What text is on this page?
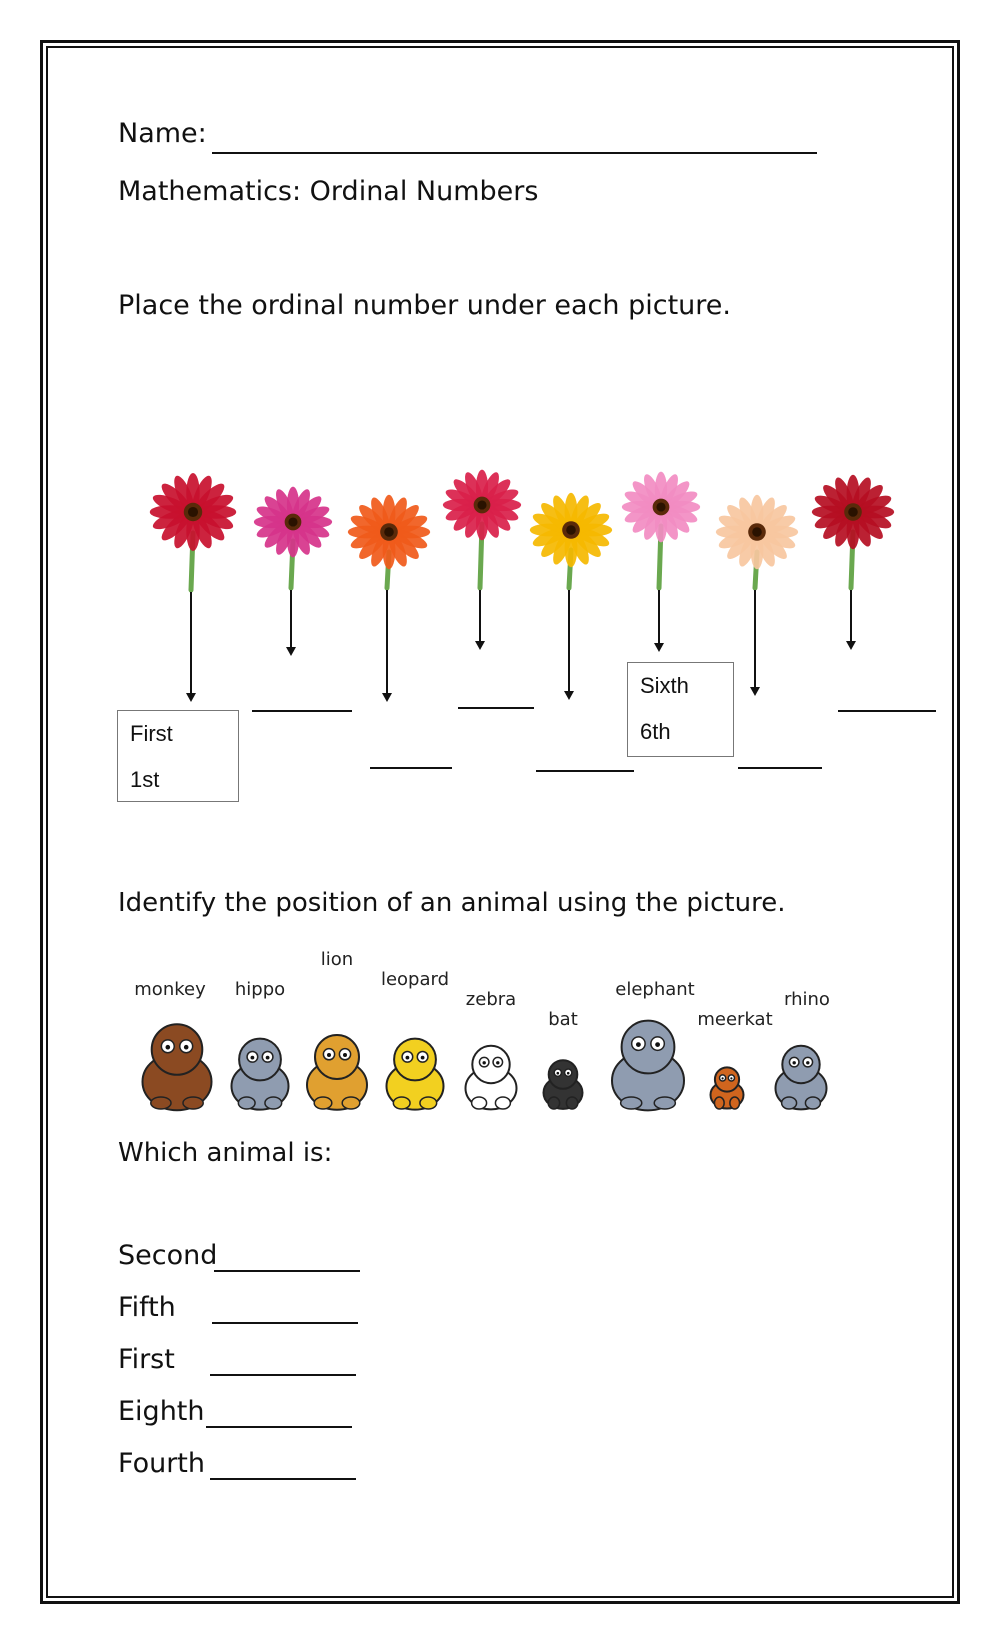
Name:
Mathematics: Ordinal Numbers
Place the ordinal number under each picture.
First
1st
Sixth
6th
Identify the position of an animal using the picture.
monkey hippo
lion
leopard
zebra
bat
elephant
meerkat
rhino
Which animal is:
Second
Fifth
First
Eighth
Fourth
